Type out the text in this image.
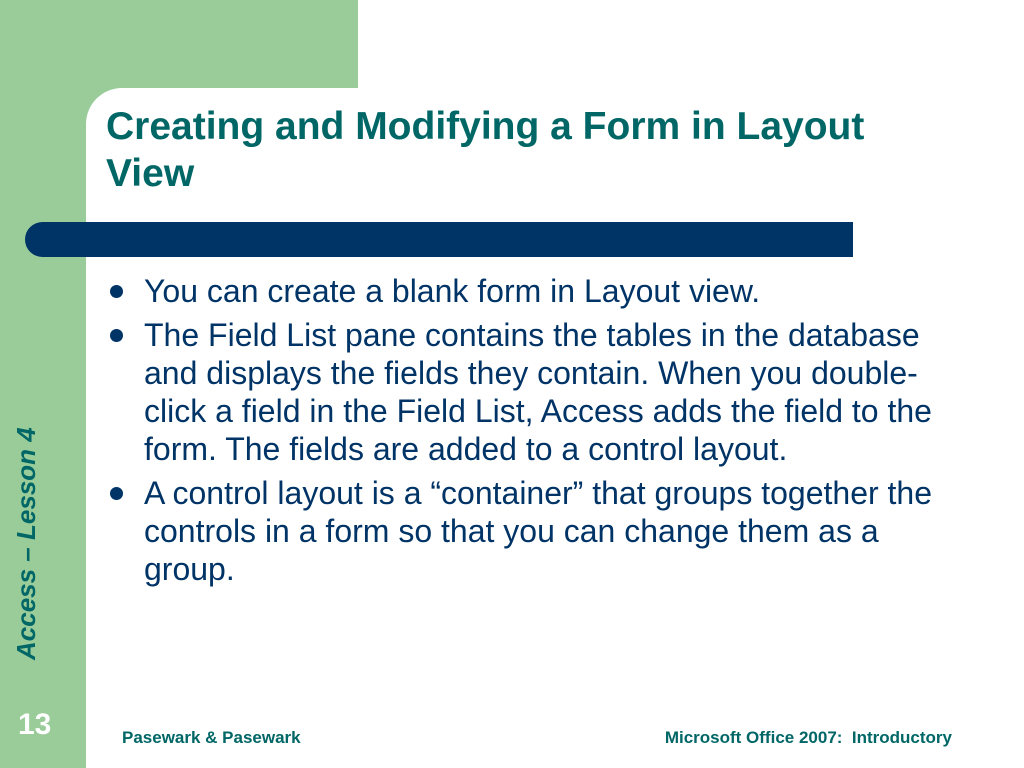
Creating and Modifying a Form in Layout View
You can create a blank form in Layout view.
The Field List pane contains the tables in the database and displays the fields they contain. When you double-click a field in the Field List, Access adds the field to the form. The fields are added to a control layout.
A control layout is a “container” that groups together the controls in a form so that you can change them as a group.
Access – Lesson 4
13	Pasewark & Pasewark	Microsoft Office 2007:  Introductory
